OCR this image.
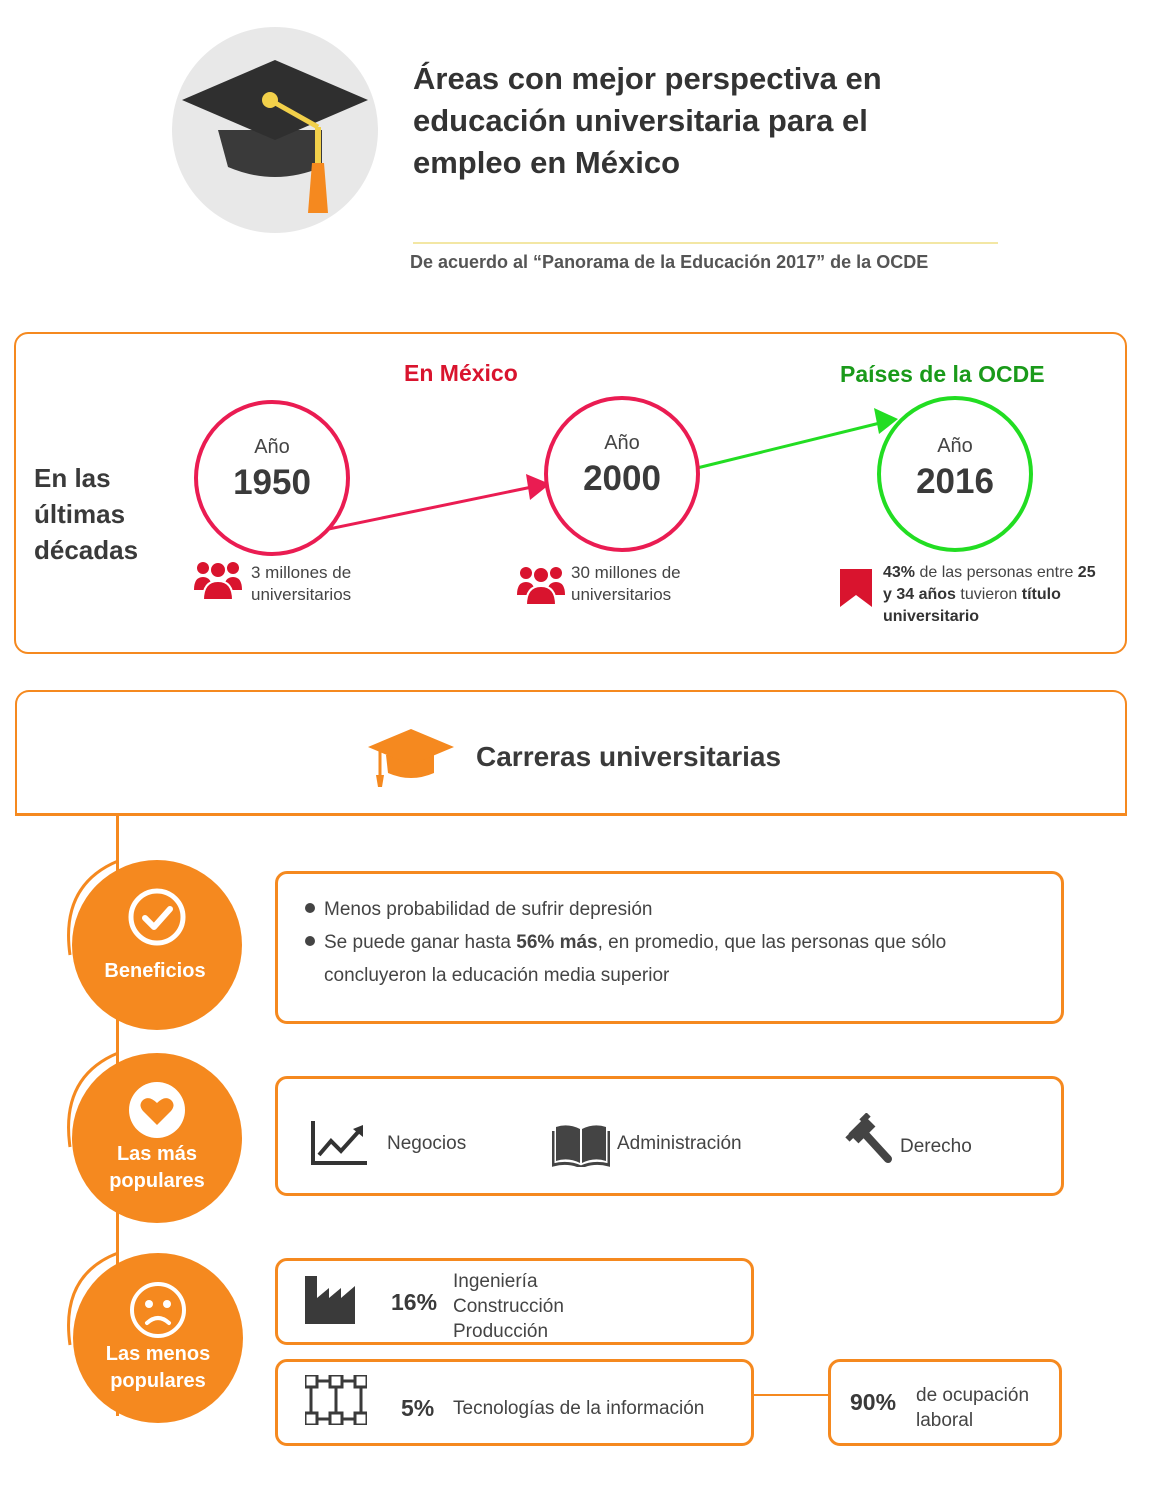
Áreas con mejor perspectiva en educación universitaria para el empleo en México
De acuerdo al “Panorama de la Educación 2017” de la OCDE
En las últimas décadas
En México	Países de la OCDE
Año
1950
Año
2000
Año
2016
3 millones de universitarios
30 millones de universitarios
43% de las personas entre 25 y 34 años tuvieron título universitario
Carreras universitarias
Beneficios
Menos probabilidad de sufrir depresión
Se puede ganar hasta 56% más, en promedio, que las personas que sólo
concluyeron la educación media superior
Las más
populares
Negocios	Administración	Derecho
Las menos
populares
16%
Ingeniería
Construcción
Producción
5% Tecnologías de la información	90% de ocupación
laboral
